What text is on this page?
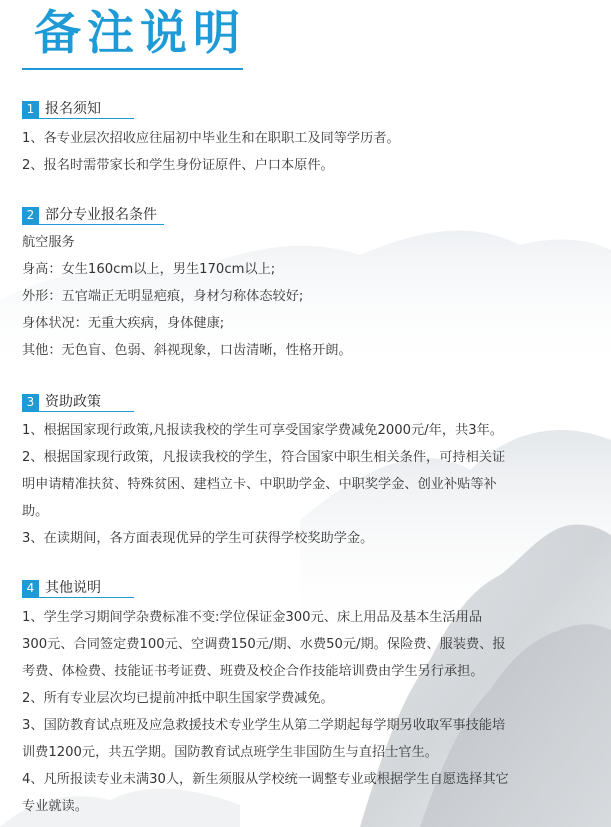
备注说明
1 报名须知
1、各专业层次招收应往届初中毕业生和在职职工及同等学历者。
2、报名时需带家长和学生身份证原件、户口本原件。
2 部分专业报名条件
航空服务
身高：女生160cm以上，男生170cm以上;
外形：五官端正无明显疤痕，身材匀称体态较好;
身体状况：无重大疾病，身体健康;
其他：无色盲、色弱、斜视现象，口齿清晰，性格开朗。
3 资助政策
1、根据国家现行政策,凡报读我校的学生可享受国家学费减免2000元/年，共3年。
2、根据国家现行政策，凡报读我校的学生，符合国家中职生相关条件，可持相关证
明申请精准扶贫、特殊贫困、建档立卡、中职助学金、中职奖学金、创业补贴等补
助。
3、在读期间，各方面表现优异的学生可获得学校奖助学金。
4 其他说明
1、学生学习期间学杂费标准不变:学位保证金300元、床上用品及基本生活用品
300元、合同签定费100元、空调费150元/期、水费50元/期。保险费、服装费、报
考费、体检费、技能证书考证费、班费及校企合作技能培训费由学生另行承担。
2、所有专业层次均已提前冲抵中职生国家学费减免。
3、国防教育试点班及应急救援技术专业学生从第二学期起每学期另收取军事技能培
训费1200元，共五学期。国防教育试点班学生非国防生与直招士官生。
4、凡所报读专业未满30人，新生须服从学校统一调整专业或根据学生自愿选择其它
专业就读。
